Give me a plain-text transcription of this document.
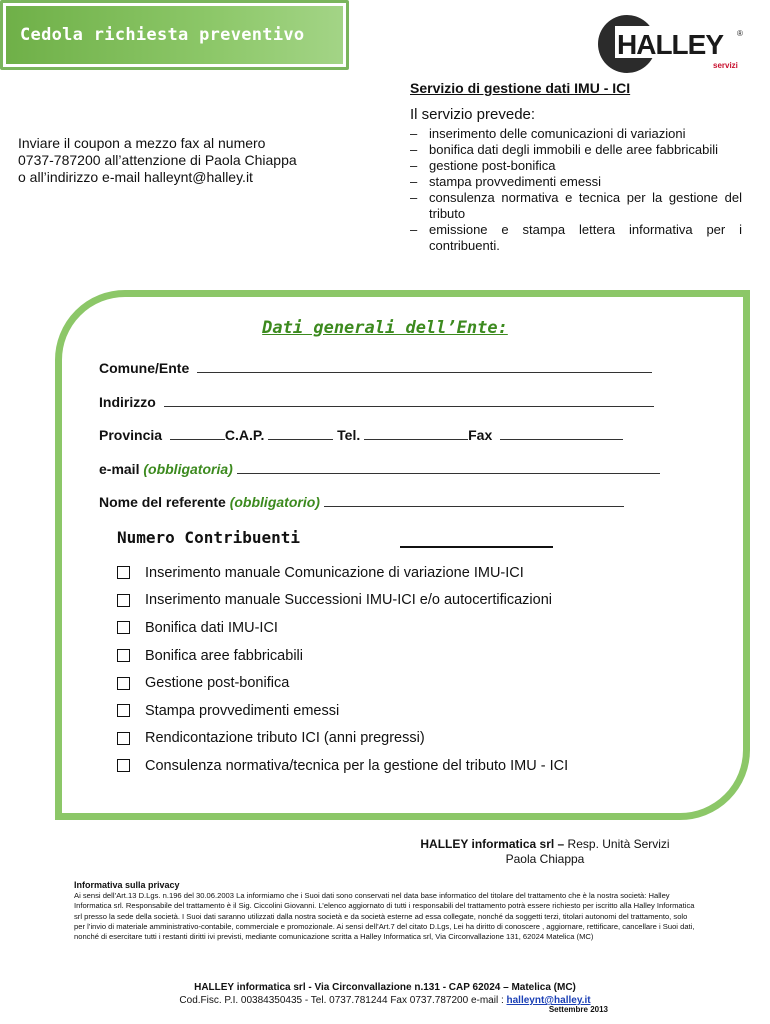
Cedola richiesta preventivo	HALLEY ®
servizi
Servizio di gestione dati IMU - ICI
Il servizio prevede:
– inserimento delle comunicazioni di variazioni
– bonifica dati degli immobili e delle aree fabbricabili
– gestione post-bonifica
– stampa provvedimenti emessi
– consulenza normativa e tecnica per la gestione del tributo
– emissione e stampa lettera informativa per i contribuenti.
Inviare il coupon a mezzo fax al numero
0737-787200 all’attenzione di Paola Chiappa
o all’indirizzo e-mail halleynt@halley.it
Dati generali dell’Ente:
Comune/Ente
Indirizzo
Provincia	C.A.P.	Tel.	Fax
e-mail (obbligatoria)
Nome del referente (obbligatorio)
Numero Contribuenti
Inserimento manuale Comunicazione di variazione IMU-ICI
Inserimento manuale Successioni IMU-ICI e/o autocertificazioni
Bonifica dati IMU-ICI
Bonifica aree fabbricabili
Gestione post-bonifica
Stampa provvedimenti emessi
Rendicontazione tributo ICI (anni pregressi)
Consulenza normativa/tecnica per la gestione del tributo IMU - ICI
HALLEY informatica srl – Resp. Unità Servizi
Paola Chiappa
Informativa sulla privacy
Ai sensi dell’Art.13 D.Lgs. n.196 del 30.06.2003 La informiamo che i Suoi dati sono conservati nel data base informatico del titolare del trattamento che è la nostra società: Halley Informatica srl. Responsabile del trattamento è il Sig. Ciccolini Giovanni. L’elenco aggiornato di tutti i responsabili del trattamento potrà essere richiesto per iscritto alla Halley Informatica srl presso la sede della società. I Suoi dati saranno utilizzati dalla nostra società e da società esterne ad essa collegate, nonché da soggetti terzi, titolari autonomi del trattamento, solo per l’invio di materiale amministrativo-contabile, commerciale e promozionale. Ai sensi dell’Art.7 del citato D.Lgs, Lei ha diritto di conoscere , aggiornare, rettificare, cancellare i Suoi dati, nonché di esercitare tutti i restanti diritti ivi previsti, mediante comunicazione scritta a Halley Informatica srl, Via Circonvallazione 131, 62024 Matelica (MC)
HALLEY informatica srl - Via Circonvallazione n.131 - CAP 62024 – Matelica (MC)
Cod.Fisc. P.I. 00384350435 - Tel. 0737.781244 Fax 0737.787200 e-mail : halleynt@halley.it
Settembre 2013
